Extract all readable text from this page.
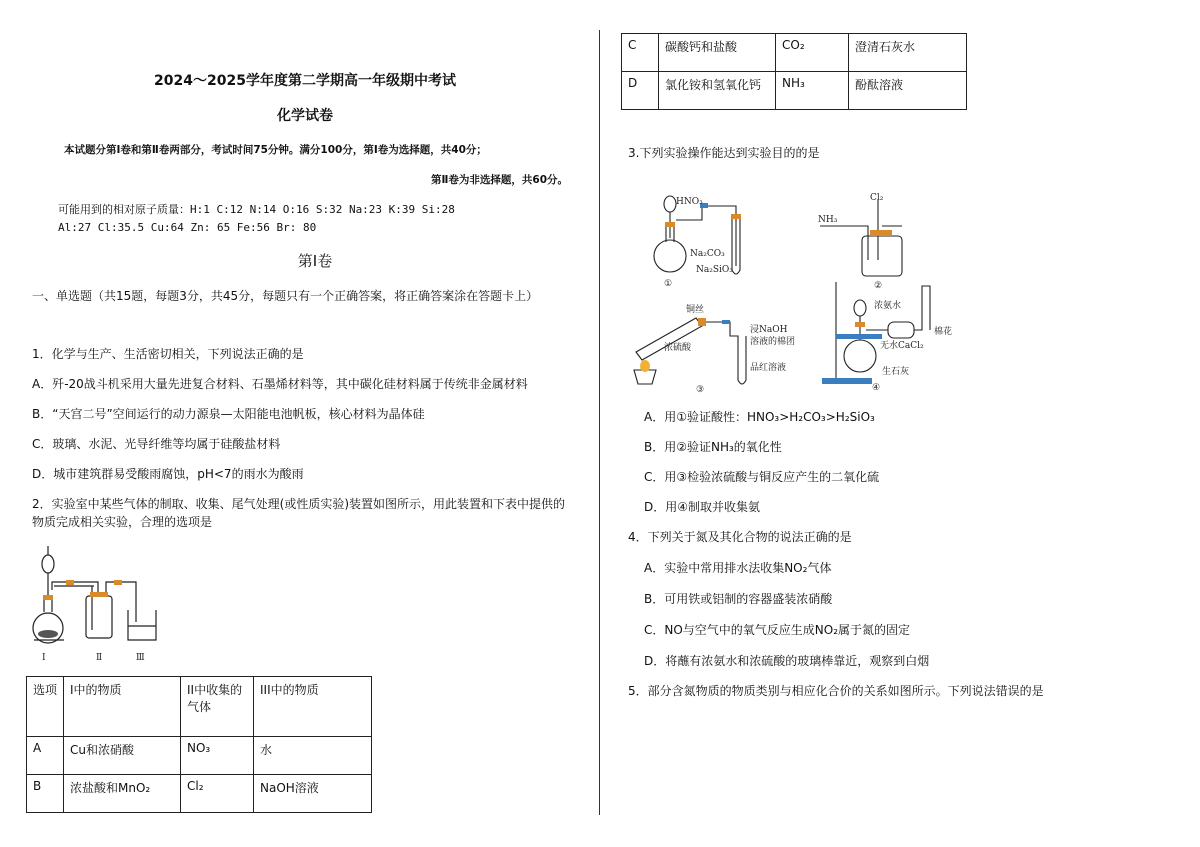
2024～2025学年度第二学期高一年级期中考试
化学试卷
本试题分第Ⅰ卷和第Ⅱ卷两部分，考试时间75分钟。满分100分，第Ⅰ卷为选择题，共40分；
第Ⅱ卷为非选择题，共60分。
可能用到的相对原子质量：H:1 C:12 N:14 O:16 S:32 Na:23 K:39 Si:28
Al:27 Cl:35.5 Cu:64 Zn: 65 Fe:56 Br: 80
第Ⅰ卷
一、单选题（共15题，每题3分，共45分，每题只有一个正确答案，将正确答案涂在答题卡上）
1．化学与生产、生活密切相关，下列说法正确的是
A．歼-20战斗机采用大量先进复合材料、石墨烯材料等，其中碳化硅材料属于传统非金属材料
B．“天宫二号”空间运行的动力源泉—太阳能电池帆板，核心材料为晶体硅
C．玻璃、水泥、光导纤维等均属于硅酸盐材料
D．城市建筑群易受酸雨腐蚀，pH<7的雨水为酸雨
2．实验室中某些气体的制取、收集、尾气处理(或性质实验)装置如图所示，用此装置和下表中提供的
物质完成相关实验，合理的选项是
Ⅰ	Ⅱ	Ⅲ
选项	I中的物质	II中收集的气体	III中的物质
A	Cu和浓硝酸	NO₃	水
B	浓盐酸和MnO₂	Cl₂	NaOH溶液
C	碳酸钙和盐酸	CO₂	澄清石灰水
D	氯化铵和氢氧化钙	NH₃	酚酞溶液
3.下列实验操作能达到实验目的的是
HNO₃
Na₂CO₃
Na₂SiO₃
①
Cl₂
NH₃
②
铜丝
浓硫酸
浸NaOH
溶液的棉团
品红溶液
③
浓氨水
无水CaCl₂
棉花
生石灰
④
A．用①验证酸性：HNO₃>H₂CO₃>H₂SiO₃
B．用②验证NH₃的氧化性
C．用③检验浓硫酸与铜反应产生的二氧化硫
D．用④制取并收集氨
4．下列关于氮及其化合物的说法正确的是
A．实验中常用排水法收集NO₂气体
B．可用铁或铝制的容器盛装浓硝酸
C．NO与空气中的氧气反应生成NO₂属于氮的固定
D．将蘸有浓氨水和浓硫酸的玻璃棒靠近，观察到白烟
5．部分含氮物质的物质类别与相应化合价的关系如图所示。下列说法错误的是
